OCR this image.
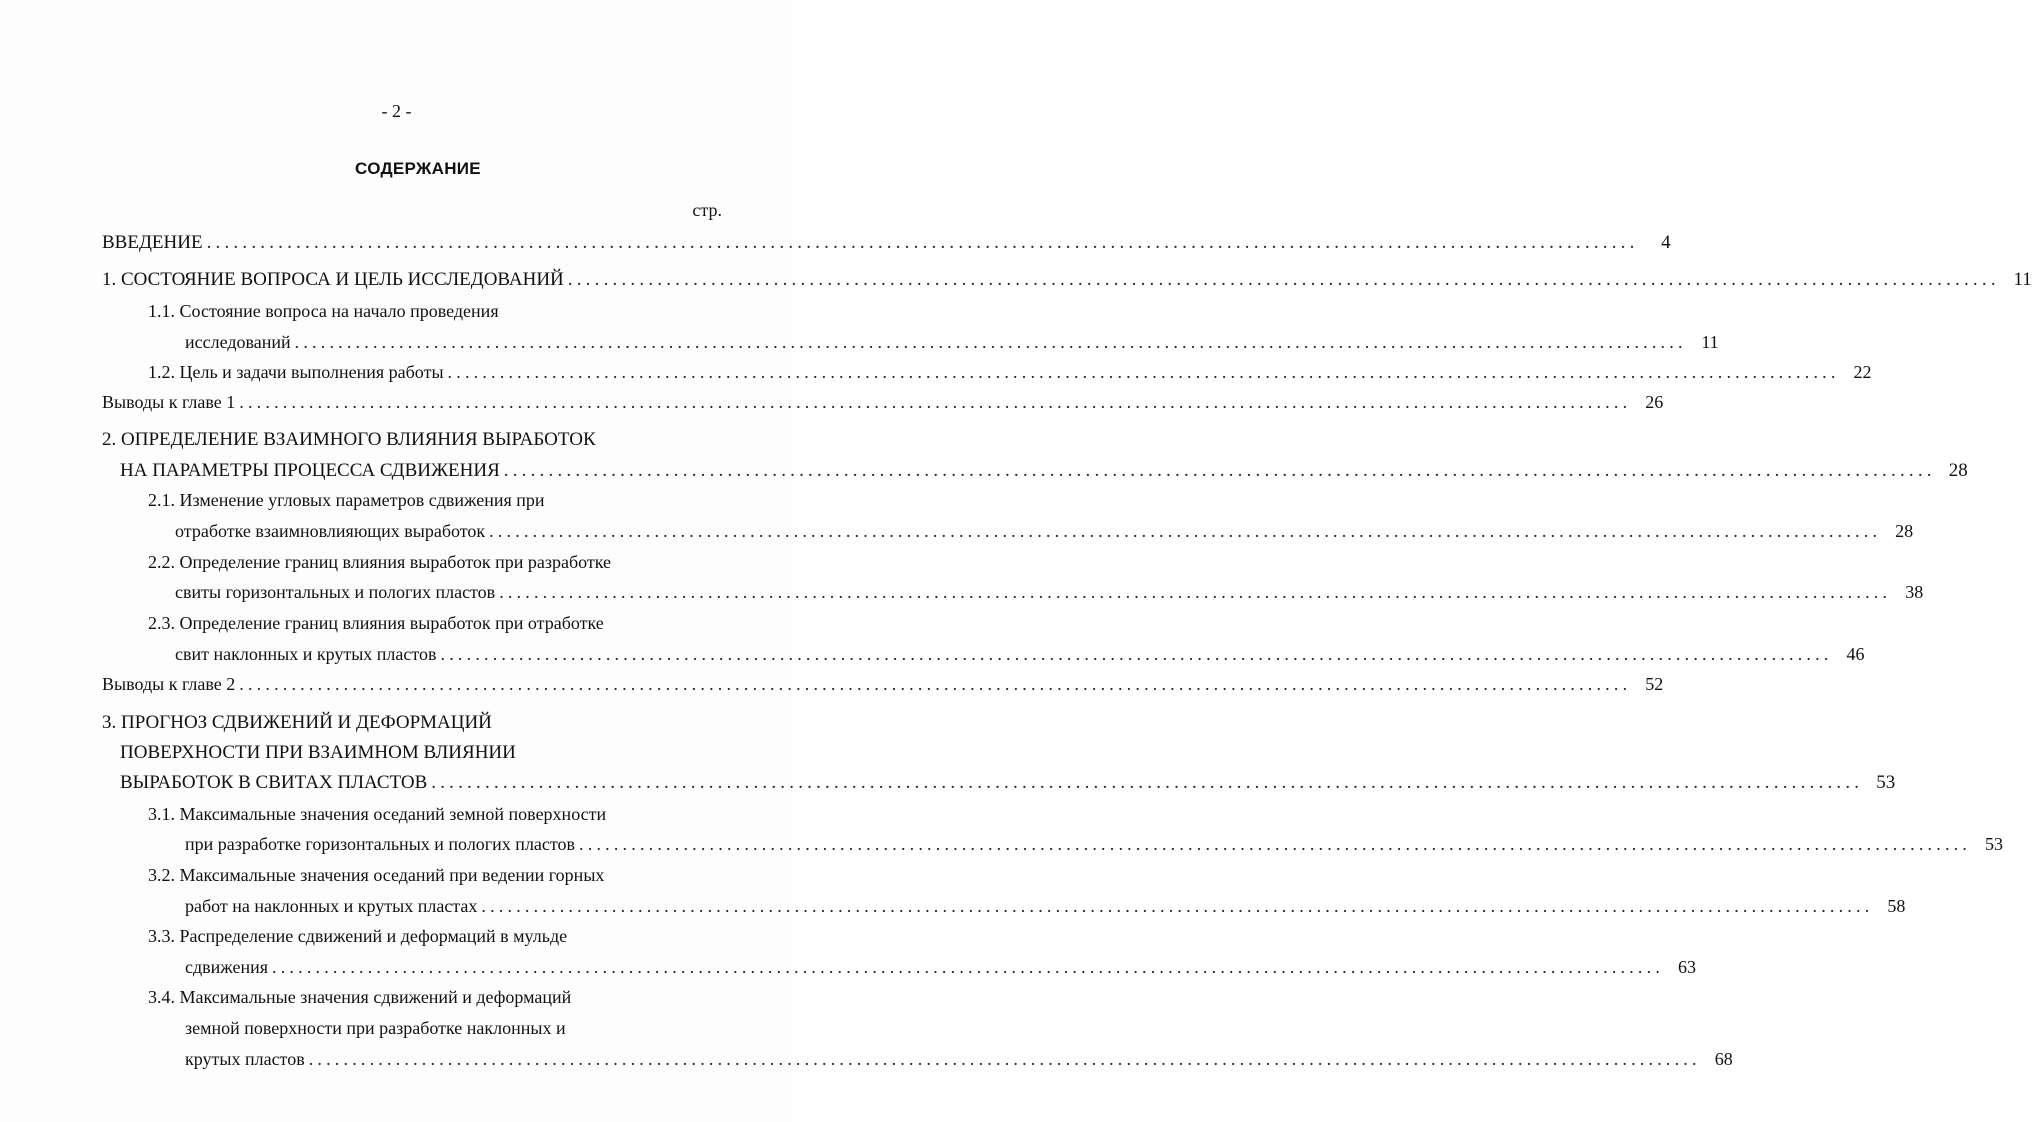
- 2 -
СОДЕРЖАНИЕ
стр.
ВВЕДЕНИЕ ................................................................................................................................................................	4
1. СОСТОЯНИЕ ВОПРОСА И ЦЕЛЬ ИССЛЕДОВАНИЙ ................................................................................................................................................................ 11
1.1. Состояние вопроса на начало проведения
исследований ................................................................................................................................................................ 11
1.2. Цель и задачи выполнения работы ................................................................................................................................................................ 22
Выводы к главе 1 ................................................................................................................................................................ 26
2. ОПРЕДЕЛЕНИЕ ВЗАИМНОГО ВЛИЯНИЯ ВЫРАБОТОК
НА ПАРАМЕТРЫ ПРОЦЕССА СДВИЖЕНИЯ ................................................................................................................................................................ 28
2.1. Изменение угловых параметров сдвижения при
отработке взаимновлияющих выработок ................................................................................................................................................................ 28
2.2. Определение границ влияния выработок при разработке
свиты горизонтальных и пологих пластов ................................................................................................................................................................ 38
2.3. Определение границ влияния выработок при отработке
свит наклонных и крутых пластов ................................................................................................................................................................ 46
Выводы к главе 2 ................................................................................................................................................................ 52
3. ПРОГНОЗ СДВИЖЕНИЙ И ДЕФОРМАЦИЙ
ПОВЕРХНОСТИ ПРИ ВЗАИМНОМ ВЛИЯНИИ
ВЫРАБОТОК В СВИТАХ ПЛАСТОВ ................................................................................................................................................................ 53
3.1. Максимальные значения оседаний земной поверхности
при разработке горизонтальных и пологих пластов ................................................................................................................................................................ 53
3.2. Максимальные значения оседаний при ведении горных
работ на наклонных и крутых пластах ................................................................................................................................................................ 58
3.3. Распределение сдвижений и деформаций в мульде
сдвижения ................................................................................................................................................................ 63
3.4. Максимальные значения сдвижений и деформаций
земной поверхности при разработке наклонных и
крутых пластов ................................................................................................................................................................ 68
